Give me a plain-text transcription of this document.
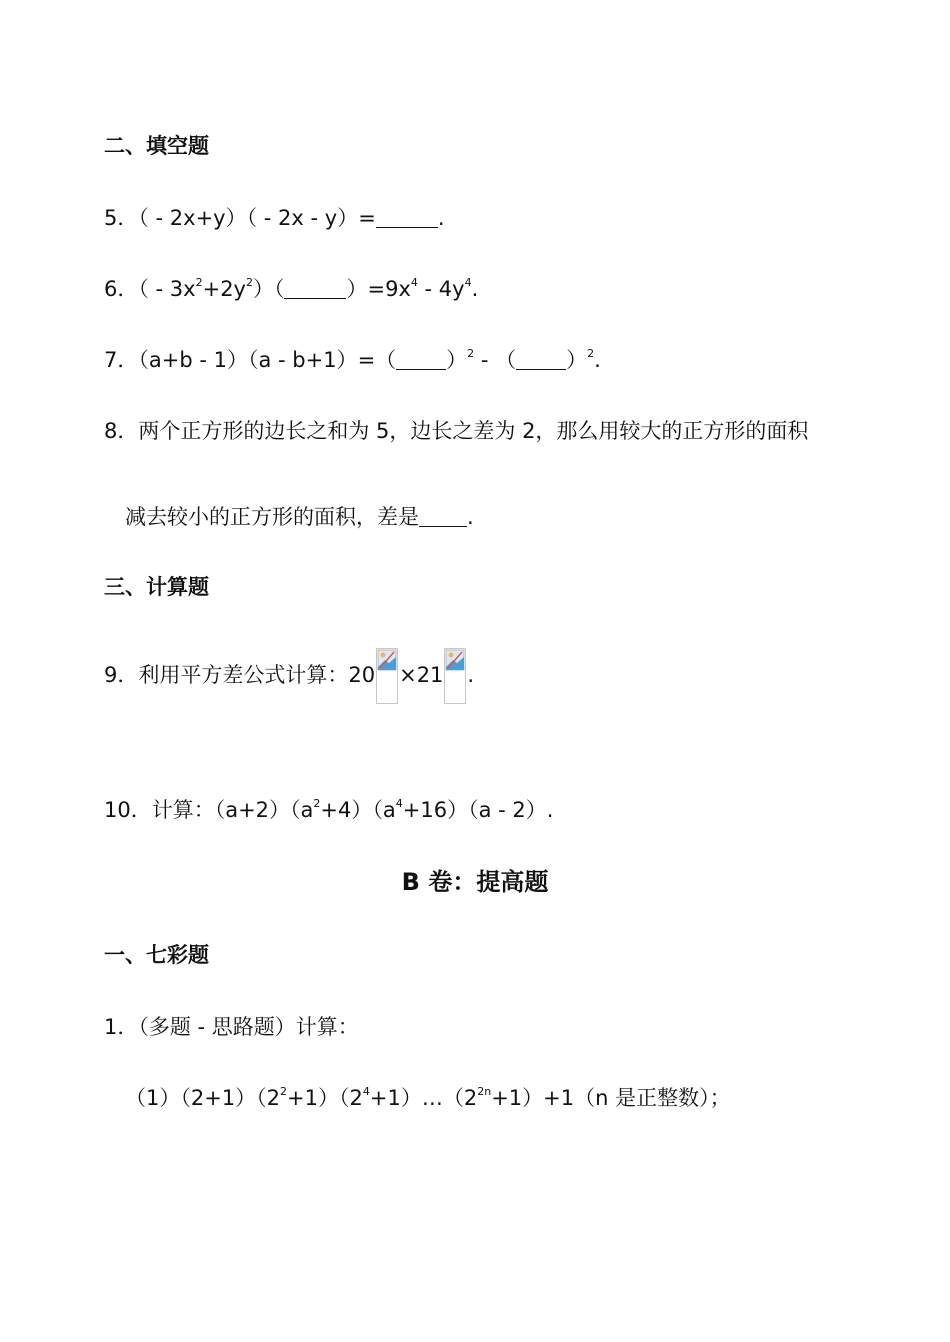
二、填空题
5．（ - 2x+y）（ - 2x - y）=	.
6．（ - $3x^2+2y^2$）（	）$=9x^4 - 4y^4$.
7．（a+b - 1）（a - b+1）=（ ）$^2$ - （ ）$^2$.
8．两个正方形的边长之和为 5，边长之差为 2，那么用较大的正方形的面积
减去较小的正方形的面积，差是 .
三、计算题
9．利用平方差公式计算：20 ×21 .
10．计算：$(a+2)(a^2+4)(a^4+16)(a - 2)$.
B 卷：提高题
一、七彩题
1．（多题 - 思路题）计算：
$(1)(2+1)(2^2+1)(2^4+1)\dots(2^{2n}+1)+1(n$ 是正整数）；
